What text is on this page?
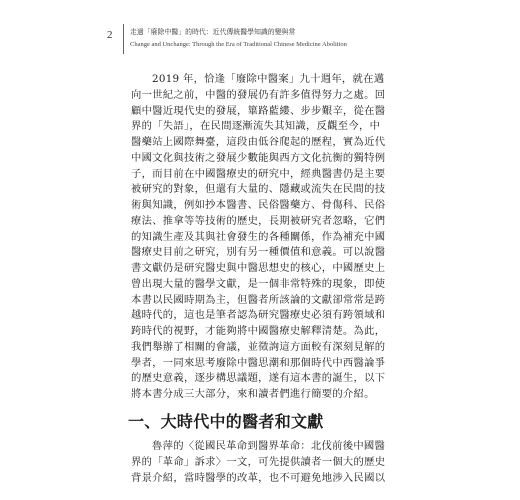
2	走過「廢除中醫」的時代：近代傳統醫學知識的變與常
Change and Unchange: Through the Era of Traditional Chinese Medicine Abolition
2019 年，恰逢「廢除中醫案」九十週年，就在邁
向一世紀之前，中醫的發展仍有許多值得努力之處。回
顧中醫近現代史的發展，篳路藍縷、步步艱辛，從在醫
界的「失語」，在民間逐漸流失其知識，反觀至今，中
醫藥站上國際舞臺，這段由低谷爬起的歷程，實為近代
中國文化與技術之發展少數能與西方文化抗衡的獨特例
子，而目前在中國醫療史的研究中，經典醫書仍是主要
被研究的對象，但還有大量的、隱藏或流失在民間的技
術與知識，例如抄本醫書、民俗醫藥方、骨傷科、民俗
療法、推拿等等技術的歷史，長期被研究者忽略，它們
的知識生產及其與社會發生的各種關係，作為補充中國
醫療史目前之研究，別有另一種價值和意義。可以說醫
書文獻仍是研究醫史與中醫思想史的核心，中國歷史上
曾出現大量的醫學文獻，是一個非常特殊的現象，即使
本書以民國時期為主，但醫者所該論的文獻卻常常是跨
越時代的，這也是筆者認為研究醫療史必須有跨領域和
跨時代的視野，才能夠將中國醫療史解釋清楚。為此，
我們舉辦了相關的會議，並徵詢這方面較有深刻見解的
學者，一同來思考廢除中醫思潮和那個時代中西醫論爭
的歷史意義，逐步構思議題，遂有這本書的誕生，以下
將本書分成三大部分，來和讀者們進行簡要的介紹。
一、大時代中的醫者和文獻
魯萍的〈從國民革命到醫界革命：北伐前後中國醫
界的「革命」訴求〉一文，可先提供讀者一個大的歷史
背景介紹，當時醫學的改革，也不可避免地涉入民國以
